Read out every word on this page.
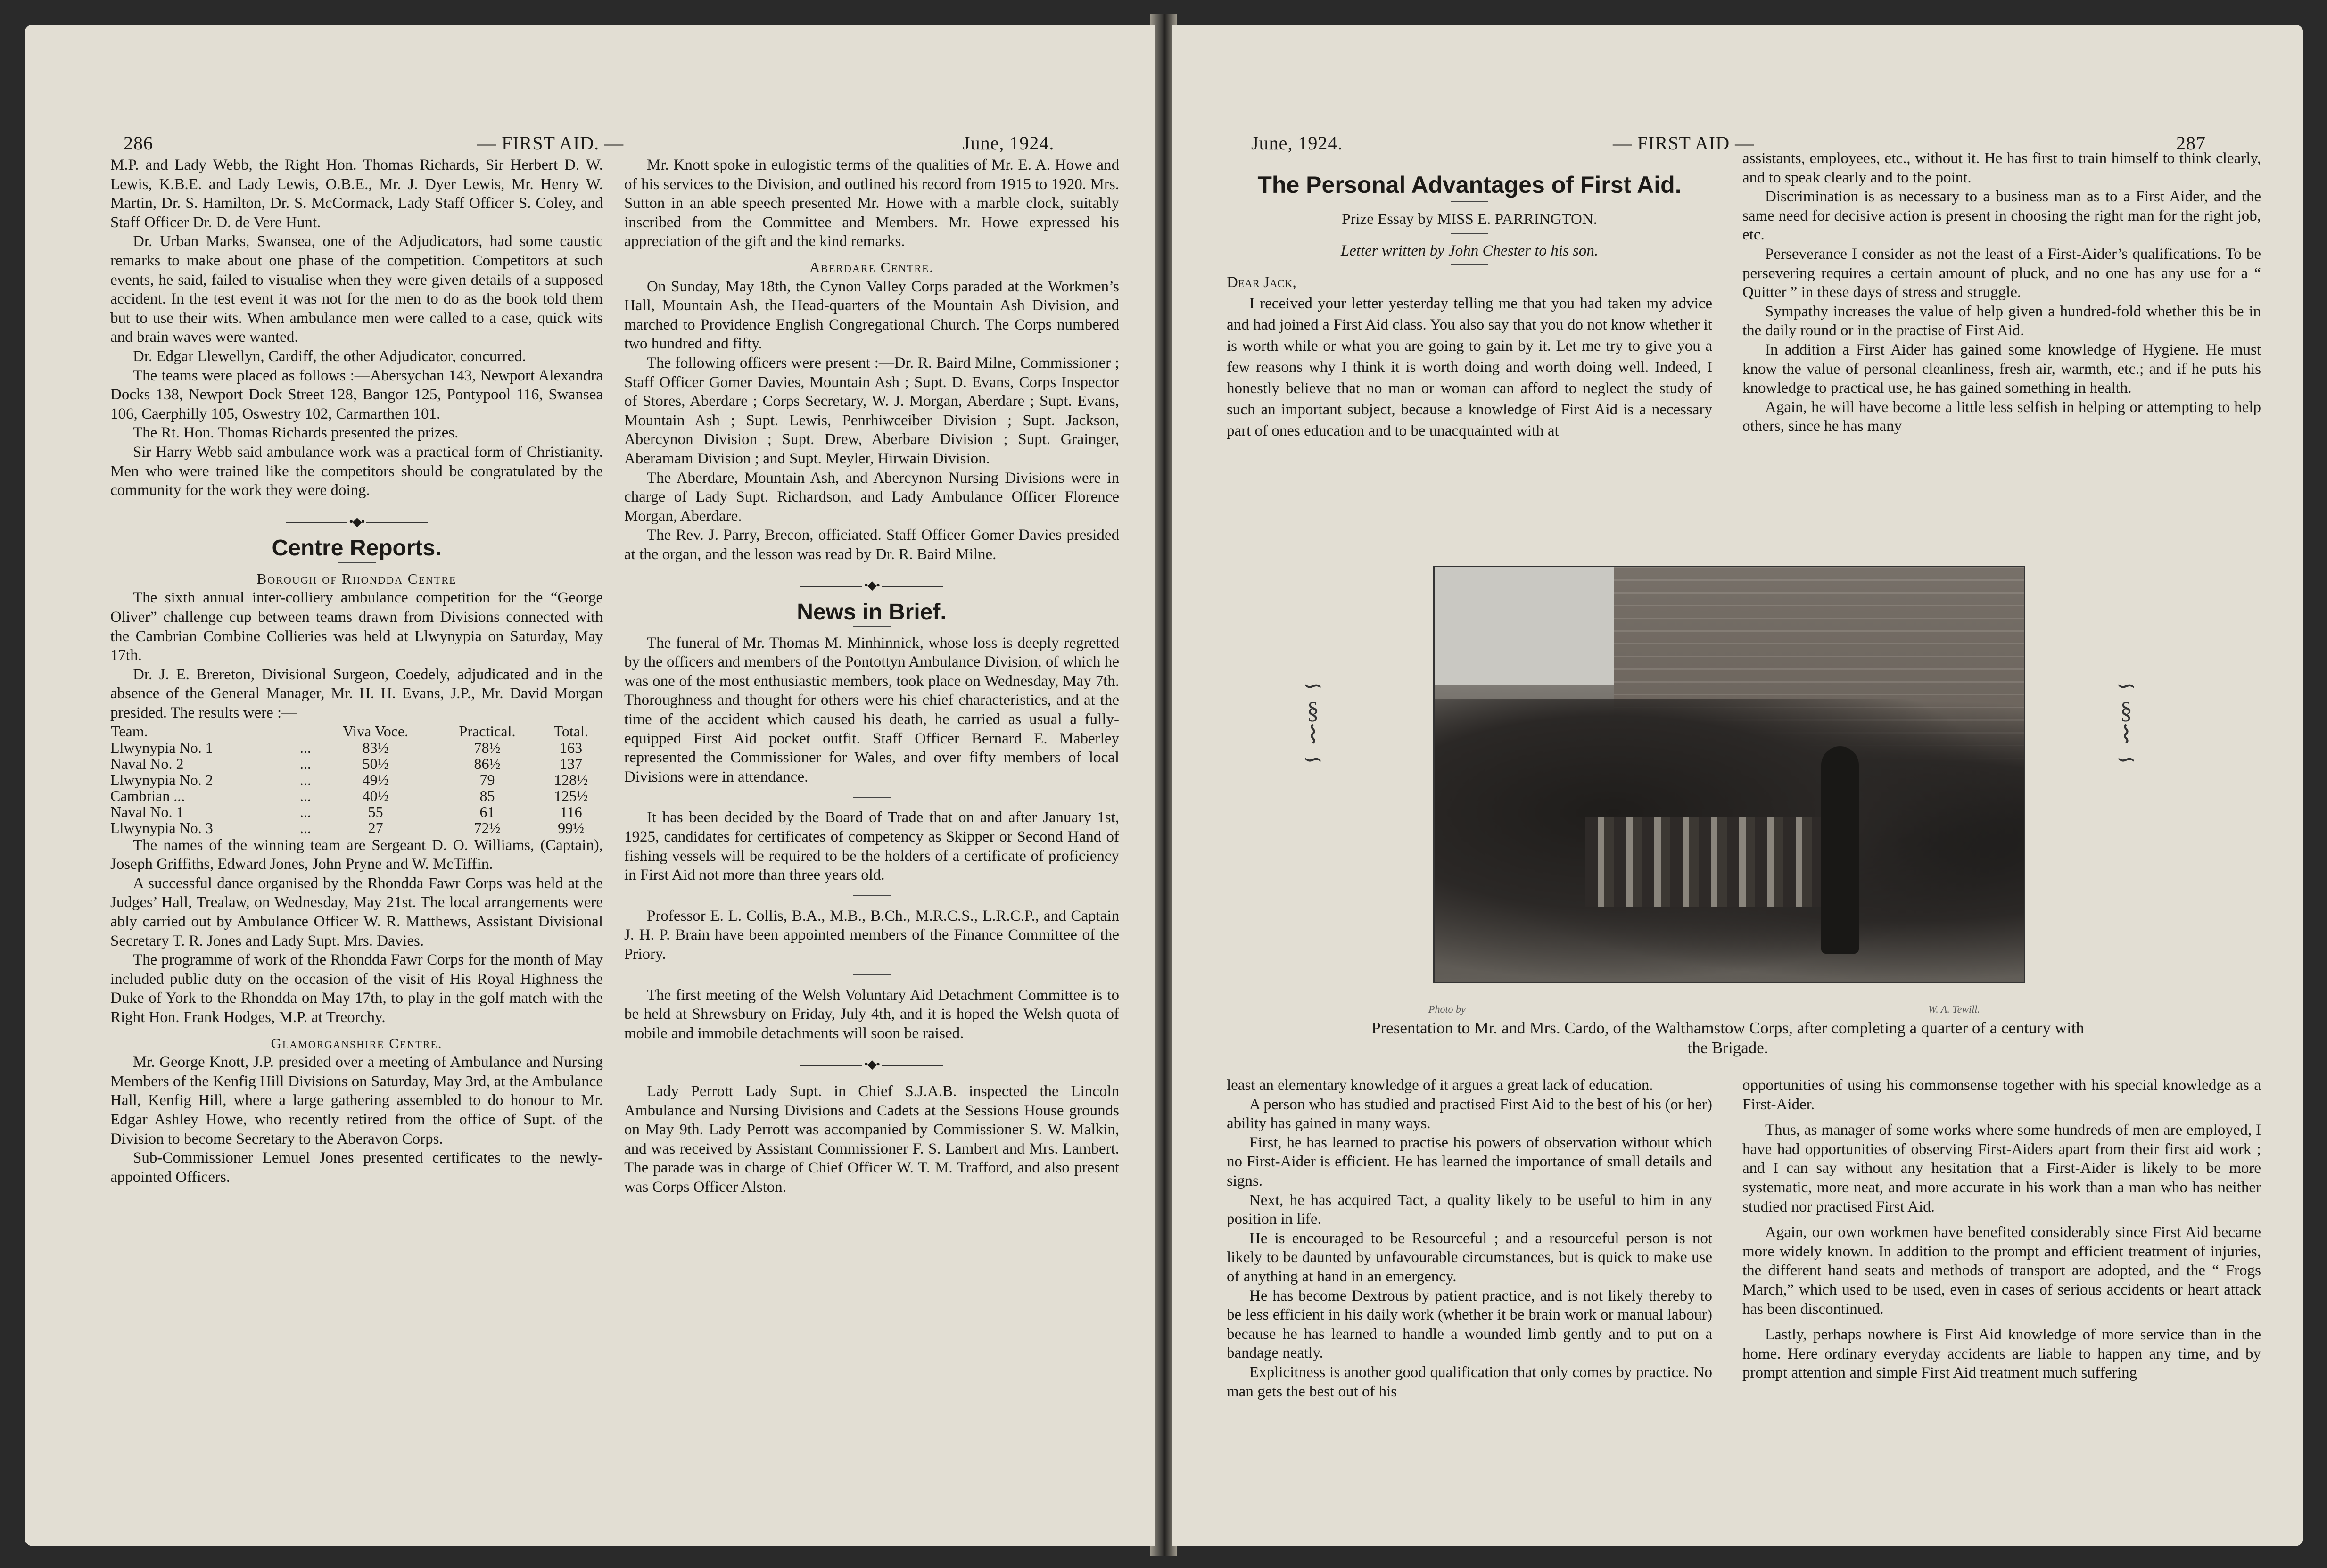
286	— FIRST AID. —	June, 1924.

M.P. and Lady Webb, the Right Hon. Thomas Richards, Sir Herbert D. W. Lewis, K.B.E. and Lady Lewis, O.B.E., Mr. J. Dyer Lewis, Mr. Henry W. Martin, Dr. S. Hamilton, Dr. S. McCormack, Lady Staff Officer S. Coley, and Staff Officer Dr. D. de Vere Hunt.

Dr. Urban Marks, Swansea, one of the Adjudicators, had some caustic remarks to make about one phase of the competition. Competitors at such events, he said, failed to visualise when they were given details of a supposed accident. In the test event it was not for the men to do as the book told them but to use their wits. When ambulance men were called to a case, quick wits and brain waves were wanted.

Dr. Edgar Llewellyn, Cardiff, the other Adjudicator, concurred.

The teams were placed as follows :—Abersychan 143, Newport Alexandra Docks 138, Newport Dock Street 128, Bangor 125, Pontypool 116, Swansea 106, Caerphilly 105, Oswestry 102, Carmarthen 101.

The Rt. Hon. Thomas Richards presented the prizes.

Sir Harry Webb said ambulance work was a practical form of Christianity. Men who were trained like the competitors should be congratulated by the community for the work they were doing.

•◆•
Centre Reports.
Borough of Rhondda Centre

The sixth annual inter-colliery ambulance competition for the “George Oliver” challenge cup between teams drawn from Divisions connected with the Cambrian Combine Collieries was held at Llwynypia on Saturday, May 17th.

Dr. J. E. Brereton, Divisional Surgeon, Coedely, adjudicated and in the absence of the General Manager, Mr. H. H. Evans, J.P., Mr. David Morgan presided. The results were :—

Team.		Viva Voce.	Practical.	Total.
Llwynypia No. 1	...	83½	78½	163
Naval No. 2	...	50½	86½	137
Llwynypia No. 2	...	49½	79	128½
Cambrian ...	...	40½	85	125½
Naval No. 1	...	55	61	116
Llwynypia No. 3	...	27	72½	99½

The names of the winning team are Sergeant D. O. Williams, (Captain), Joseph Griffiths, Edward Jones, John Pryne and W. McTiffin.

A successful dance organised by the Rhondda Fawr Corps was held at the Judges’ Hall, Trealaw, on Wednesday, May 21st. The local arrangements were ably carried out by Ambulance Officer W. R. Matthews, Assistant Divisional Secretary T. R. Jones and Lady Supt. Mrs. Davies.

The programme of work of the Rhondda Fawr Corps for the month of May included public duty on the occasion of the visit of His Royal Highness the Duke of York to the Rhondda on May 17th, to play in the golf match with the Right Hon. Frank Hodges, M.P. at Treorchy.

Glamorganshire Centre.

Mr. George Knott, J.P. presided over a meeting of Ambulance and Nursing Members of the Kenfig Hill Divisions on Saturday, May 3rd, at the Ambulance Hall, Kenfig Hill, where a large gathering assembled to do honour to Mr. Edgar Ashley Howe, who recently retired from the office of Supt. of the Division to become Secretary to the Aberavon Corps.

Sub-Commissioner Lemuel Jones presented certificates to the newly-appointed Officers.

Mr. Knott spoke in eulogistic terms of the qualities of Mr. E. A. Howe and of his services to the Division, and outlined his record from 1915 to 1920. Mrs. Sutton in an able speech presented Mr. Howe with a marble clock, suitably inscribed from the Committee and Members. Mr. Howe expressed his appreciation of the gift and the kind remarks.

Aberdare Centre.

On Sunday, May 18th, the Cynon Valley Corps paraded at the Workmen’s Hall, Mountain Ash, the Head-quarters of the Mountain Ash Division, and marched to Providence English Congregational Church. The Corps numbered two hundred and fifty.

The following officers were present :—Dr. R. Baird Milne, Commissioner ; Staff Officer Gomer Davies, Mountain Ash ; Supt. D. Evans, Corps Inspector of Stores, Aberdare ; Corps Secretary, W. J. Morgan, Aberdare ; Supt. Evans, Mountain Ash ; Supt. Lewis, Penrhiwceiber Division ; Supt. Jackson, Abercynon Division ; Supt. Drew, Aberbare Division ; Supt. Grainger, Aberamam Division ; and Supt. Meyler, Hirwain Division.

The Aberdare, Mountain Ash, and Abercynon Nursing Divisions were in charge of Lady Supt. Richardson, and Lady Ambulance Officer Florence Morgan, Aberdare.

The Rev. J. Parry, Brecon, officiated. Staff Officer Gomer Davies presided at the organ, and the lesson was read by Dr. R. Baird Milne.

•◆•
News in Brief.

The funeral of Mr. Thomas M. Minhinnick, whose loss is deeply regretted by the officers and members of the Pontottyn Ambulance Division, of which he was one of the most enthusiastic members, took place on Wednesday, May 7th. Thoroughness and thought for others were his chief characteristics, and at the time of the accident which caused his death, he carried as usual a fully-equipped First Aid pocket outfit. Staff Officer Bernard E. Maberley represented the Commissioner for Wales, and over fifty members of local Divisions were in attendance.

It has been decided by the Board of Trade that on and after January 1st, 1925, candidates for certificates of competency as Skipper or Second Hand of fishing vessels will be required to be the holders of a certificate of proficiency in First Aid not more than three years old.

Professor E. L. Collis, B.A., M.B., B.Ch., M.R.C.S., L.R.C.P., and Captain J. H. P. Brain have been appointed members of the Finance Committee of the Priory.

The first meeting of the Welsh Voluntary Aid Detachment Committee is to be held at Shrewsbury on Friday, July 4th, and it is hoped the Welsh quota of mobile and immobile detachments will soon be raised.

•◆•

Lady Perrott Lady Supt. in Chief S.J.A.B. inspected the Lincoln Ambulance and Nursing Divisions and Cadets at the Sessions House grounds on May 9th. Lady Perrott was accompanied by Commissioner S. W. Malkin, and was received by Assistant Commissioner F. S. Lambert and Mrs. Lambert. The parade was in charge of Chief Officer W. T. M. Trafford, and also present was Corps Officer Alston.

June, 1924.	— FIRST AID —	287
The Personal Advantages of First Aid.

Prize Essay by MISS E. PARRINGTON.

Letter written by John Chester to his son.

Dear Jack,

I received your letter yesterday telling me that you had taken my advice and had joined a First Aid class. You also say that you do not know whether it is worth while or what you are going to gain by it. Let me try to give you a few reasons why I think it is worth doing and worth doing well. Indeed, I honestly believe that no man or woman can afford to neglect the study of such an important subject, because a knowledge of First Aid is a necessary part of ones education and to be unacquainted with at

assistants, employees, etc., without it. He has first to train himself to think clearly, and to speak clearly and to the point.

Discrimination is as necessary to a business man as to a First Aider, and the same need for decisive action is present in choosing the right man for the right job, etc.

Perseverance I consider as not the least of a First-Aider’s qualifications. To be persevering requires a certain amount of pluck, and no one has any use for a “ Quitter ” in these days of stress and struggle.

Sympathy increases the value of help given a hundred-fold whether this be in the daily round or in the practise of First Aid.

In addition a First Aider has gained some knowledge of Hygiene. He must know the value of personal cleanliness, fresh air, warmth, etc.; and if he puts his knowledge to practical use, he has gained something in health.

Again, he will have become a little less selfish in helping or attempting to help others, since he has many

least an elementary knowledge of it argues a great lack of education.

A person who has studied and practised First Aid to the best of his (or her) ability has gained in many ways.

First, he has learned to practise his powers of observation without which no First-Aider is efficient. He has learned the importance of small details and signs.

Next, he has acquired Tact, a quality likely to be useful to him in any position in life.

He is encouraged to be Resourceful ; and a resourceful person is not likely to be daunted by unfavourable circumstances, but is quick to make use of anything at hand in an emergency.

He has become Dextrous by patient practice, and is not likely thereby to be less efficient in his daily work (whether it be brain work or manual labour) because he has learned to handle a wounded limb gently and to put on a bandage neatly.

Explicitness is another good qualification that only comes by practice. No man gets the best out of his

opportunities of using his commonsense together with his special knowledge as a First-Aider.

Thus, as manager of some works where some hundreds of men are employed, I have had opportunities of observing First-Aiders apart from their first aid work ; and I can say without any hesitation that a First-Aider is likely to be more systematic, more neat, and more accurate in his work than a man who has neither studied nor practised First Aid.

Again, our own workmen have benefited considerably since First Aid became more widely known. In addition to the prompt and efficient treatment of injuries, the different hand seats and methods of transport are adopted, and the “ Frogs March,” which used to be used, even in cases of serious accidents or heart attack has been discontinued.

Lastly, perhaps nowhere is First Aid knowledge of more service than in the home. Here ordinary everyday accidents are liable to happen any time, and by prompt attention and simple First Aid treatment much suffering

∽
§
⌇
∽
∽
§
⌇
∽
Photo by	W. A. Tewill.
Presentation to Mr. and Mrs. Cardo, of the Walthamstow Corps, after completing a quarter of a century with the Brigade.
